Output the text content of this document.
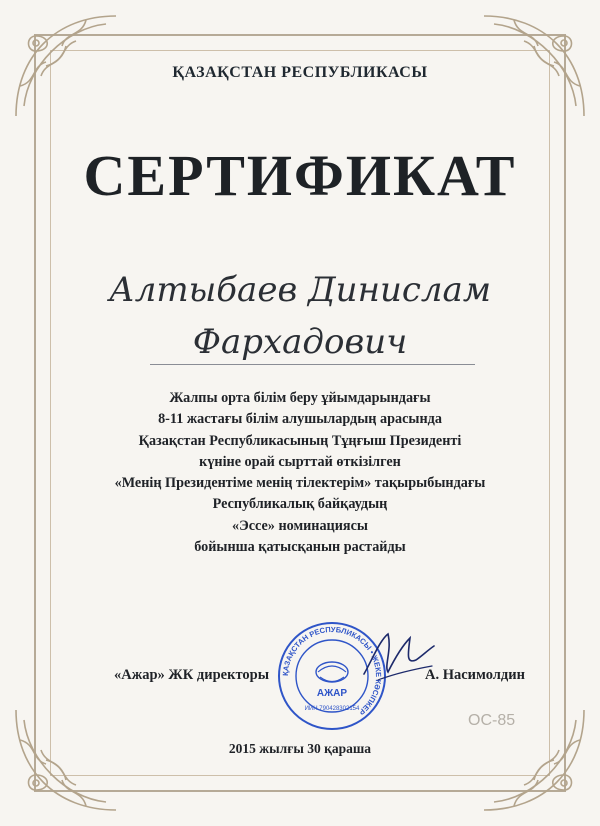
ҚАЗАҚСТАН РЕСПУБЛИКАСЫ
СЕРТИФИКАТ
Алтыбаев Динислам
Фархадович
Жалпы орта білім беру ұйымдарындағы
8-11 жастағы білім алушылардың арасында
Қазақстан Республикасының Тұңғыш Президенті
күніне орай сырттай өткізілген
«Менің Президентіме менің тілектерім» тақырыбындағы
Республикалық байқаудың
«Эссе» номинациясы
бойынша қатысқанын растайды
«Ажар» ЖК директоры ҚАЗАҚСТАН РЕСПУБЛИКАСЫ • ЖЕКЕ КӘСІПКЕР
АЖАР
ИИН 790428302154
А. Насимолдин
ОС-85
2015 жылғы 30 қараша
